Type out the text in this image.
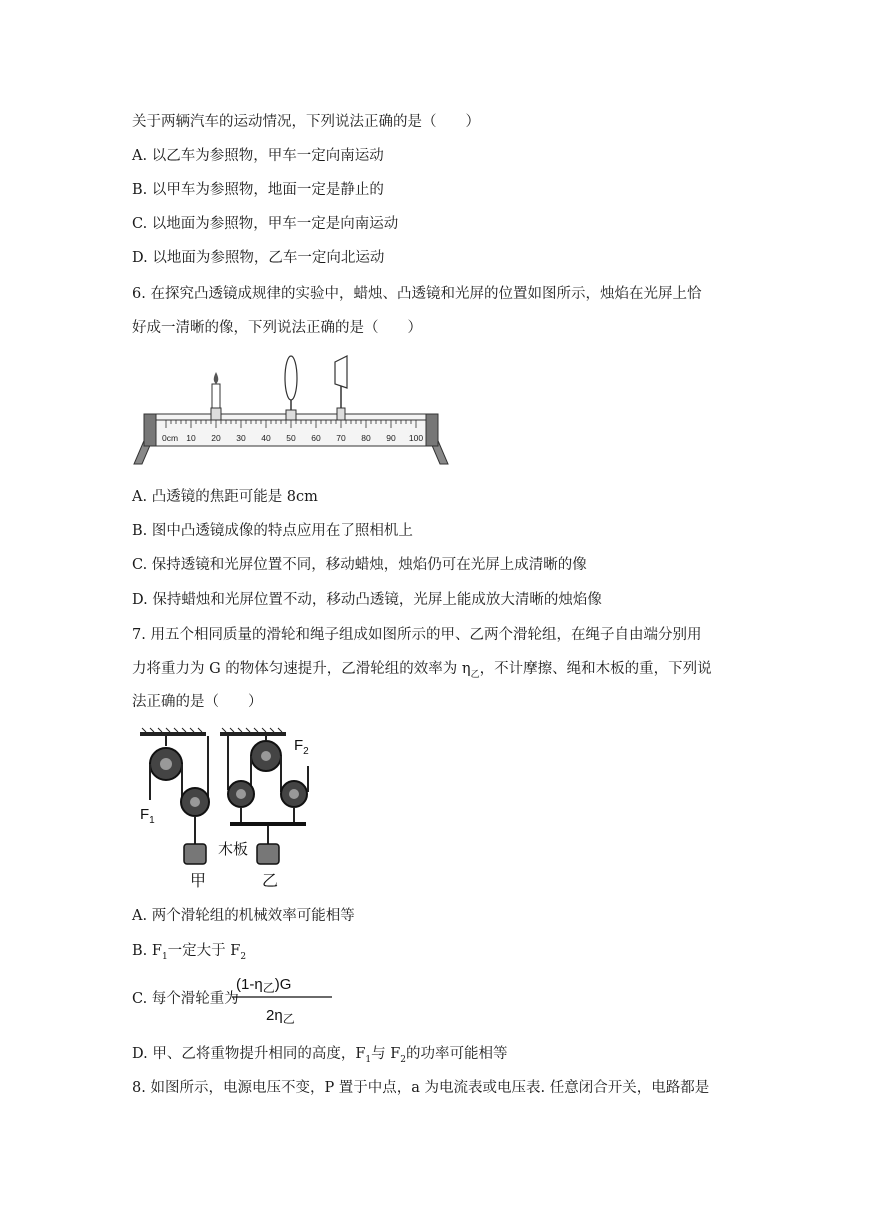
关于两辆汽车的运动情况，下列说法正确的是（　　）
A. 以乙车为参照物，甲车一定向南运动
B. 以甲车为参照物，地面一定是静止的
C. 以地面为参照物，甲车一定是向南运动
D. 以地面为参照物，乙车一定向北运动
6. 在探究凸透镜成规律的实验中，蜡烛、凸透镜和光屏的位置如图所示，烛焰在光屏上恰
好成一清晰的像，下列说法正确的是（　　）
0cm 10 20 30 40 50 60 70 80 90 100
A. 凸透镜的焦距可能是 8cm
B. 图中凸透镜成像的特点应用在了照相机上
C. 保持透镜和光屏位置不同，移动蜡烛，烛焰仍可在光屏上成清晰的像
D. 保持蜡烛和光屏位置不动，移动凸透镜，光屏上能成放大清晰的烛焰像
7. 用五个相同质量的滑轮和绳子组成如图所示的甲、乙两个滑轮组，在绳子自由端分别用
力将重力为 G 的物体匀速提升，乙滑轮组的效率为 $\eta_乙$，不计摩擦、绳和木板的重，下列说
法正确的是（　　）
$F_1$
$F_2$
木板
甲	乙
A. 两个滑轮组的机械效率可能相等
B. $F_1$一定大于 $F_2$
C. 每个滑轮重为
$(1-\eta_乙)G$
$2\eta_乙$
D. 甲、乙将重物提升相同的高度，$F_1$与 $F_2$的功率可能相等
8. 如图所示，电源电压不变，P 置于中点，a 为电流表或电压表. 任意闭合开关，电路都是
